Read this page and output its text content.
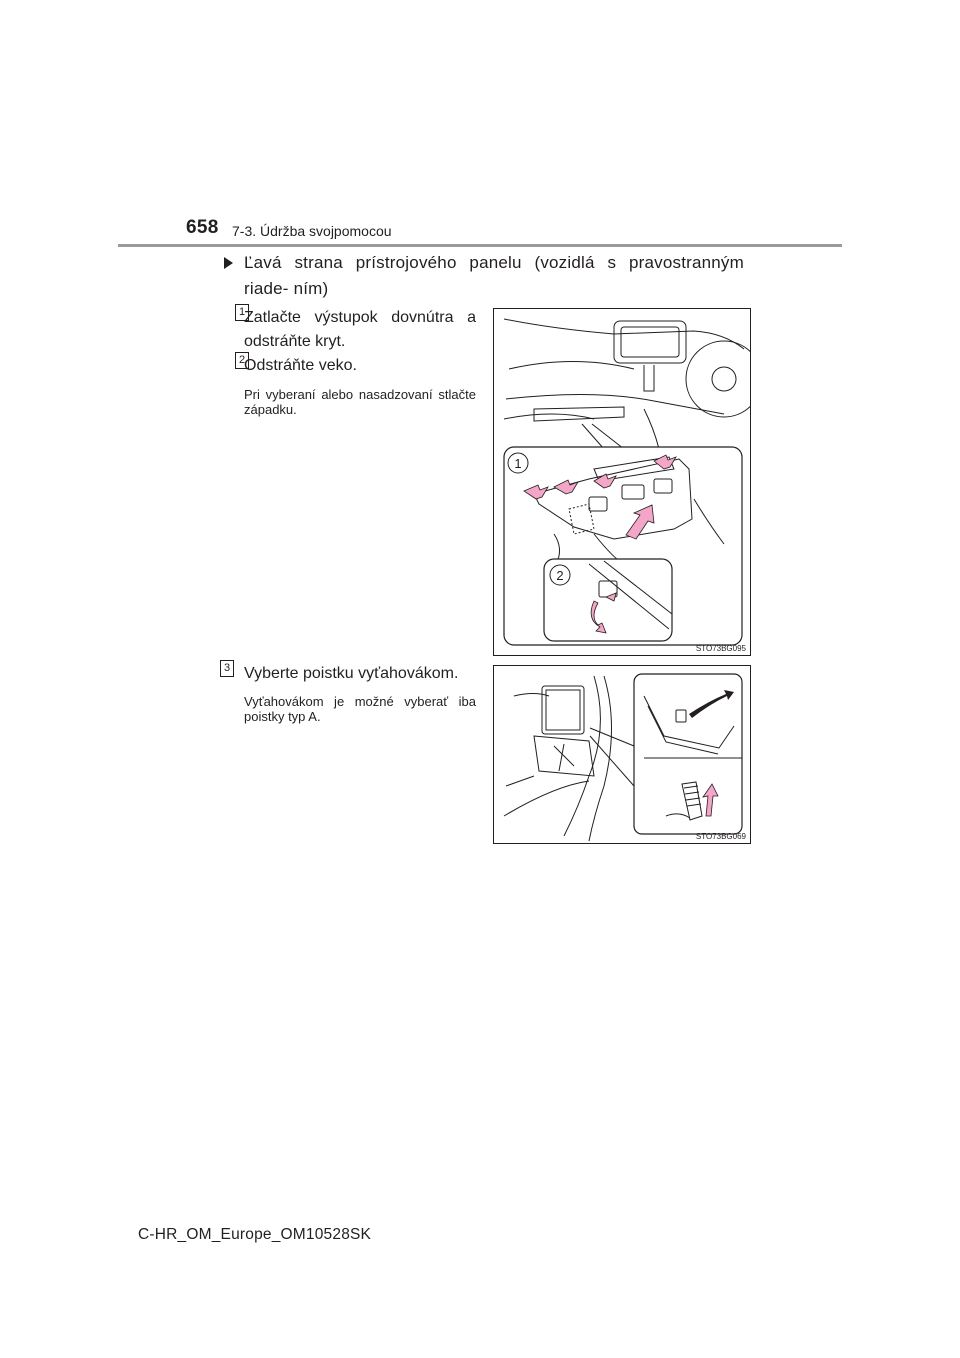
658 7-3. Údržba svojpomocou
Ľavá strana prístrojového panelu (vozidlá s pravostranným riade- ním)
1
Zatlačte výstupok dovnútra a odstráňte kryt.
2
Odstráňte veko.
Pri vyberaní alebo nasadzovaní stlačte západku.
3 Vyberte poistku vyťahovákom.
Vyťahovákom je možné vyberať iba poistky typ A.
1
2
STO73BG095
STO73BG069
C-HR_OM_Europe_OM10528SK
